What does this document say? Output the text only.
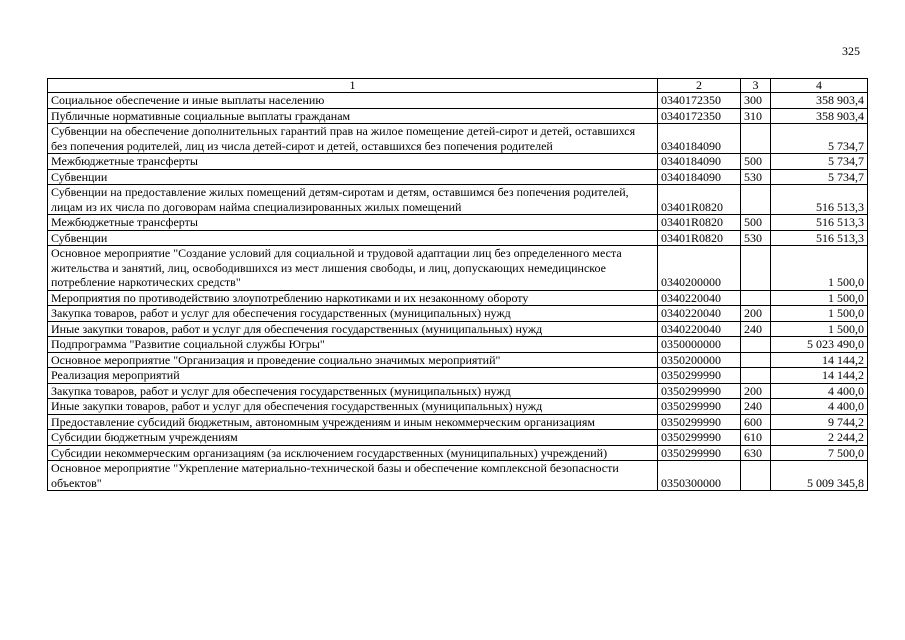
325
1	2	3	4
Социальное обеспечение и иные выплаты населению	0340172350	300	358 903,4
Публичные нормативные социальные выплаты гражданам	0340172350	310	358 903,4
Субвенции на обеспечение дополнительных гарантий прав на жилое помещение детей-сирот и детей, оставшихся без попечения родителей, лиц из числа детей-сирот и детей, оставшихся без попечения родителей	0340184090		5 734,7
Межбюджетные трансферты	0340184090	500	5 734,7
Субвенции	0340184090	530	5 734,7
Субвенции на предоставление жилых помещений детям-сиротам и детям, оставшимся без попечения родителей, лицам из их числа по договорам найма специализированных жилых помещений	03401R0820		516 513,3
Межбюджетные трансферты	03401R0820	500	516 513,3
Субвенции	03401R0820	530	516 513,3
Основное мероприятие "Создание условий для социальной и трудовой адаптации лиц без определенного места жительства и занятий, лиц, освободившихся из мест лишения свободы, и лиц, допускающих немедицинское потребление наркотических средств"	0340200000		1 500,0
Мероприятия по противодействию злоупотреблению наркотиками и их незаконному обороту	0340220040		1 500,0
Закупка товаров, работ и услуг для обеспечения государственных (муниципальных) нужд	0340220040	200	1 500,0
Иные закупки товаров, работ и услуг для обеспечения государственных (муниципальных) нужд	0340220040	240	1 500,0
Подпрограмма "Развитие социальной службы Югры"	0350000000		5 023 490,0
Основное мероприятие "Организация и проведение социально значимых мероприятий"	0350200000		14 144,2
Реализация мероприятий	0350299990		14 144,2
Закупка товаров, работ и услуг для обеспечения государственных (муниципальных) нужд	0350299990	200	4 400,0
Иные закупки товаров, работ и услуг для обеспечения государственных (муниципальных) нужд	0350299990	240	4 400,0
Предоставление субсидий бюджетным, автономным учреждениям и иным некоммерческим организациям	0350299990	600	9 744,2
Субсидии бюджетным учреждениям	0350299990	610	2 244,2
Субсидии некоммерческим организациям (за исключением государственных (муниципальных) учреждений)	0350299990	630	7 500,0
Основное мероприятие "Укрепление материально-технической базы и обеспечение комплексной безопасности объектов"	0350300000		5 009 345,8
